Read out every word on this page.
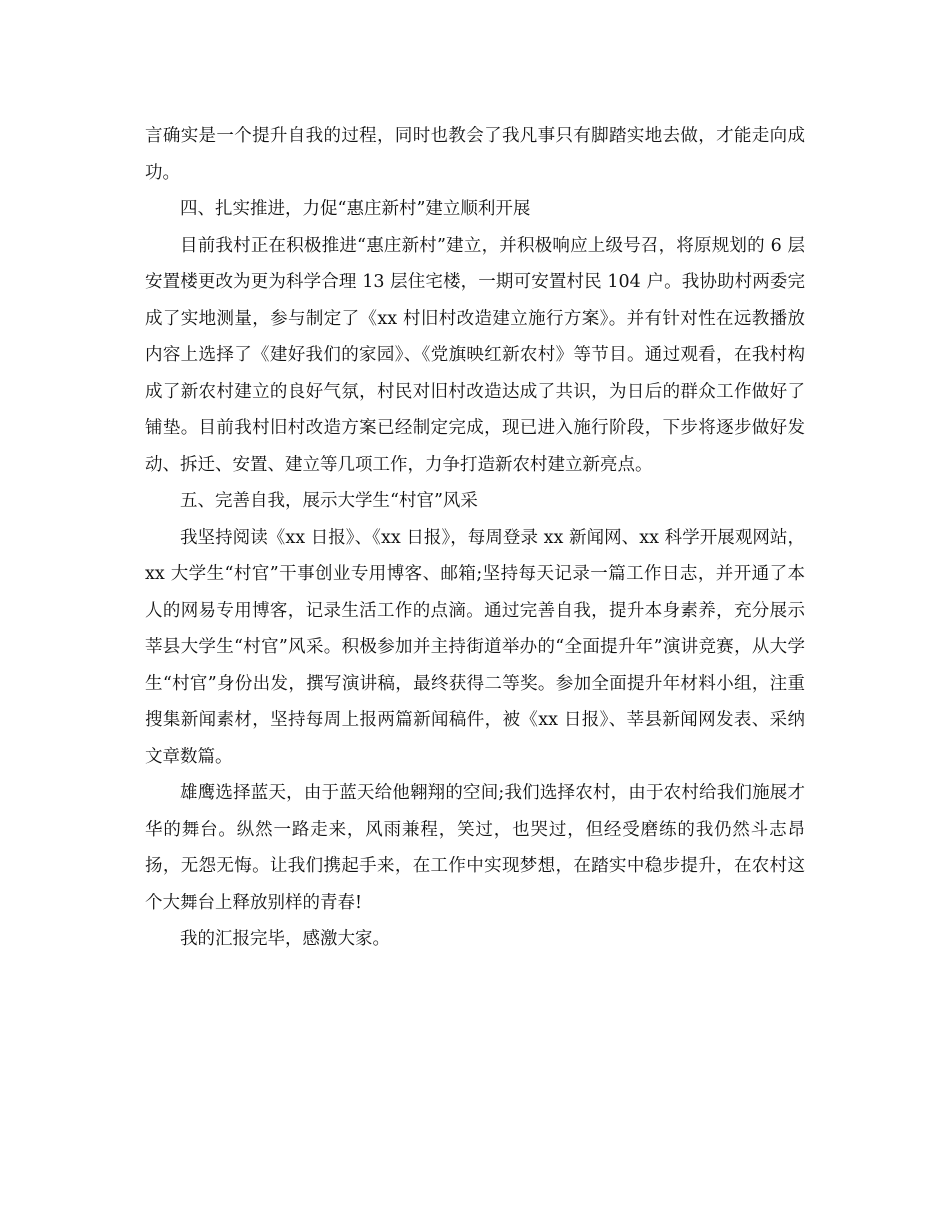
言确实是一个提升自我的过程，同时也教会了我凡事只有脚踏实地去做，才能走向成功。

四、扎实推进，力促“惠庄新村”建立顺利开展

目前我村正在积极推进“惠庄新村”建立，并积极响应上级号召，将原规划的 6 层安置楼更改为更为科学合理 13 层住宅楼，一期可安置村民 104 户。我协助村两委完成了实地测量，参与制定了《xx 村旧村改造建立施行方案》。并有针对性在远教播放内容上选择了《建好我们的家园》、《党旗映红新农村》等节目。通过观看，在我村构成了新农村建立的良好气氛，村民对旧村改造达成了共识，为日后的群众工作做好了铺垫。目前我村旧村改造方案已经制定完成，现已进入施行阶段，下步将逐步做好发动、拆迁、安置、建立等几项工作，力争打造新农村建立新亮点。

五、完善自我，展示大学生“村官”风采

我坚持阅读《xx 日报》、《xx 日报》，每周登录 xx 新闻网、xx 科学开展观网站，xx 大学生“村官”干事创业专用博客、邮箱;坚持每天记录一篇工作日志，并开通了本人的网易专用博客，记录生活工作的点滴。通过完善自我，提升本身素养，充分展示莘县大学生“村官”风采。积极参加并主持街道举办的“全面提升年”演讲竞赛，从大学生“村官”身份出发，撰写演讲稿，最终获得二等奖。参加全面提升年材料小组，注重搜集新闻素材，坚持每周上报两篇新闻稿件，被《xx 日报》、莘县新闻网发表、采纳文章数篇。

雄鹰选择蓝天，由于蓝天给他翱翔的空间;我们选择农村，由于农村给我们施展才华的舞台。纵然一路走来，风雨兼程，笑过，也哭过，但经受磨练的我仍然斗志昂扬，无怨无悔。让我们携起手来，在工作中实现梦想，在踏实中稳步提升，在农村这个大舞台上释放别样的青春!

我的汇报完毕，感激大家。
